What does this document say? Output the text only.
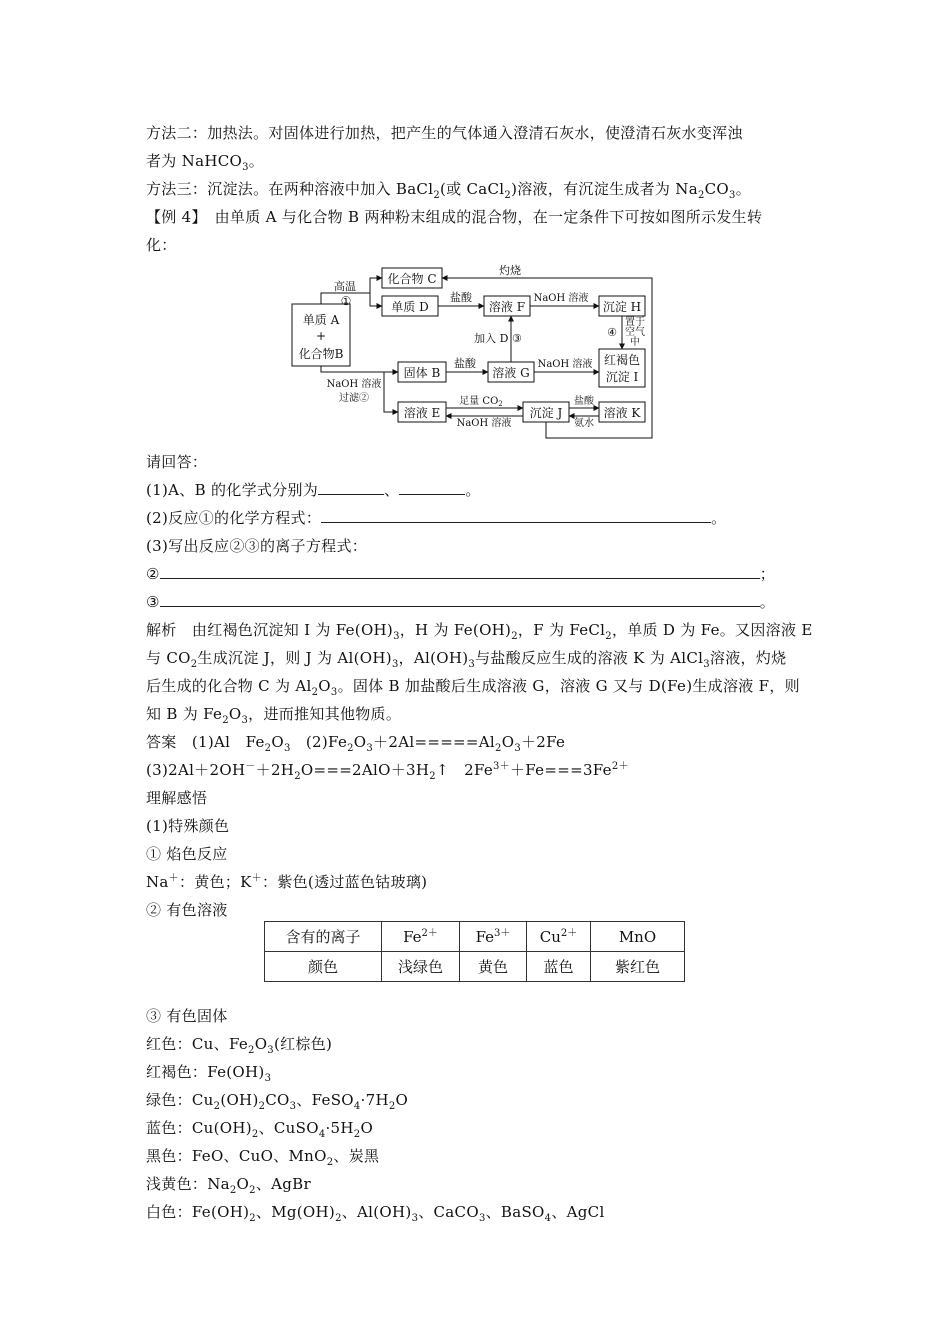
方法二：加热法。对固体进行加热，把产生的气体通入澄清石灰水，使澄清石灰水变浑浊
者为 NaHCO$_3$。
方法三：沉淀法。在两种溶液中加入 BaCl$_2$(或 CaCl$_2$)溶液，有沉淀生成者为 $Na_2CO_3$。
【例 4】　由单质 A 与化合物 B 两种粉末组成的混合物，在一定条件下可按如图所示发生转
化：
单质 A
+
化合物B
高温
①
化合物 C
单质 D	溶液 F	沉淀 H
固体 B	溶液 G
红褐色
沉淀 I
溶液 E	沉淀 J	溶液 K
灼烧
盐酸	NaOH 溶液
加入 D ③	④
置于
空气
中
盐酸	NaOH 溶液
NaOH 溶液
过滤②	足量 $CO_2$
NaOH 溶液
盐酸
氨水
请回答：
(1)A、B 的化学式分别为	、	。
(2)反应①的化学方程式：	。
(3)写出反应②③的离子方程式：
②	；
③	。
解析　由红褐色沉淀知 I 为 $Fe(OH)_3$，H 为 $Fe(OH)_2$，F 为 FeCl$_2$，单质 D 为 Fe。又因溶液 E
与 $CO_2$生成沉淀 J，则 J 为 $Al(OH)_3$，$Al(OH)_3$与盐酸反应生成的溶液 K 为 AlCl$_3$溶液，灼烧
后生成的化合物 C 为 $Al_2O_3$。固体 B 加盐酸后生成溶液 G，溶液 G 又与 D(Fe)生成溶液 F，则
知 B 为 $Fe_2O_3$，进而推知其他物质。
答案　(1)Al　$Fe_2O_3$　$(2)Fe_2O_3+2Al=====Al_2O_3+2Fe$
$(3)2Al+2OH^-+2H_2O===2AlO+3H_2↑$　$2Fe^{3+}+Fe===3Fe^{2+}$
理解感悟
(1)特殊颜色
① 焰色反应
Na＋：黄色；K＋：紫色(透过蓝色钴玻璃)
② 有色溶液
含有的离子	$Fe^{2+}$	$Fe^{3+}$	$Cu^{2+}$	MnO
颜色	浅绿色	黄色	蓝色	紫红色
③ 有色固体
红色：Cu、$Fe_2O_3$(红棕色)
红褐色：$Fe(OH)_3$
绿色：$Cu_2(OH)_2CO_3$、$FeSO_4\cdot 7H_2O$
蓝色：$Cu(OH)_2$、$CuSO_4\cdot 5H_2O$
黑色：FeO、CuO、MnO$_2$、炭黑
浅黄色：$Na_2O_2$、AgBr
白色：$Fe(OH)_2$、$Mg(OH)_2$、$Al(OH)_3$、CaCO$_3$、BaSO$_4$、AgCl
